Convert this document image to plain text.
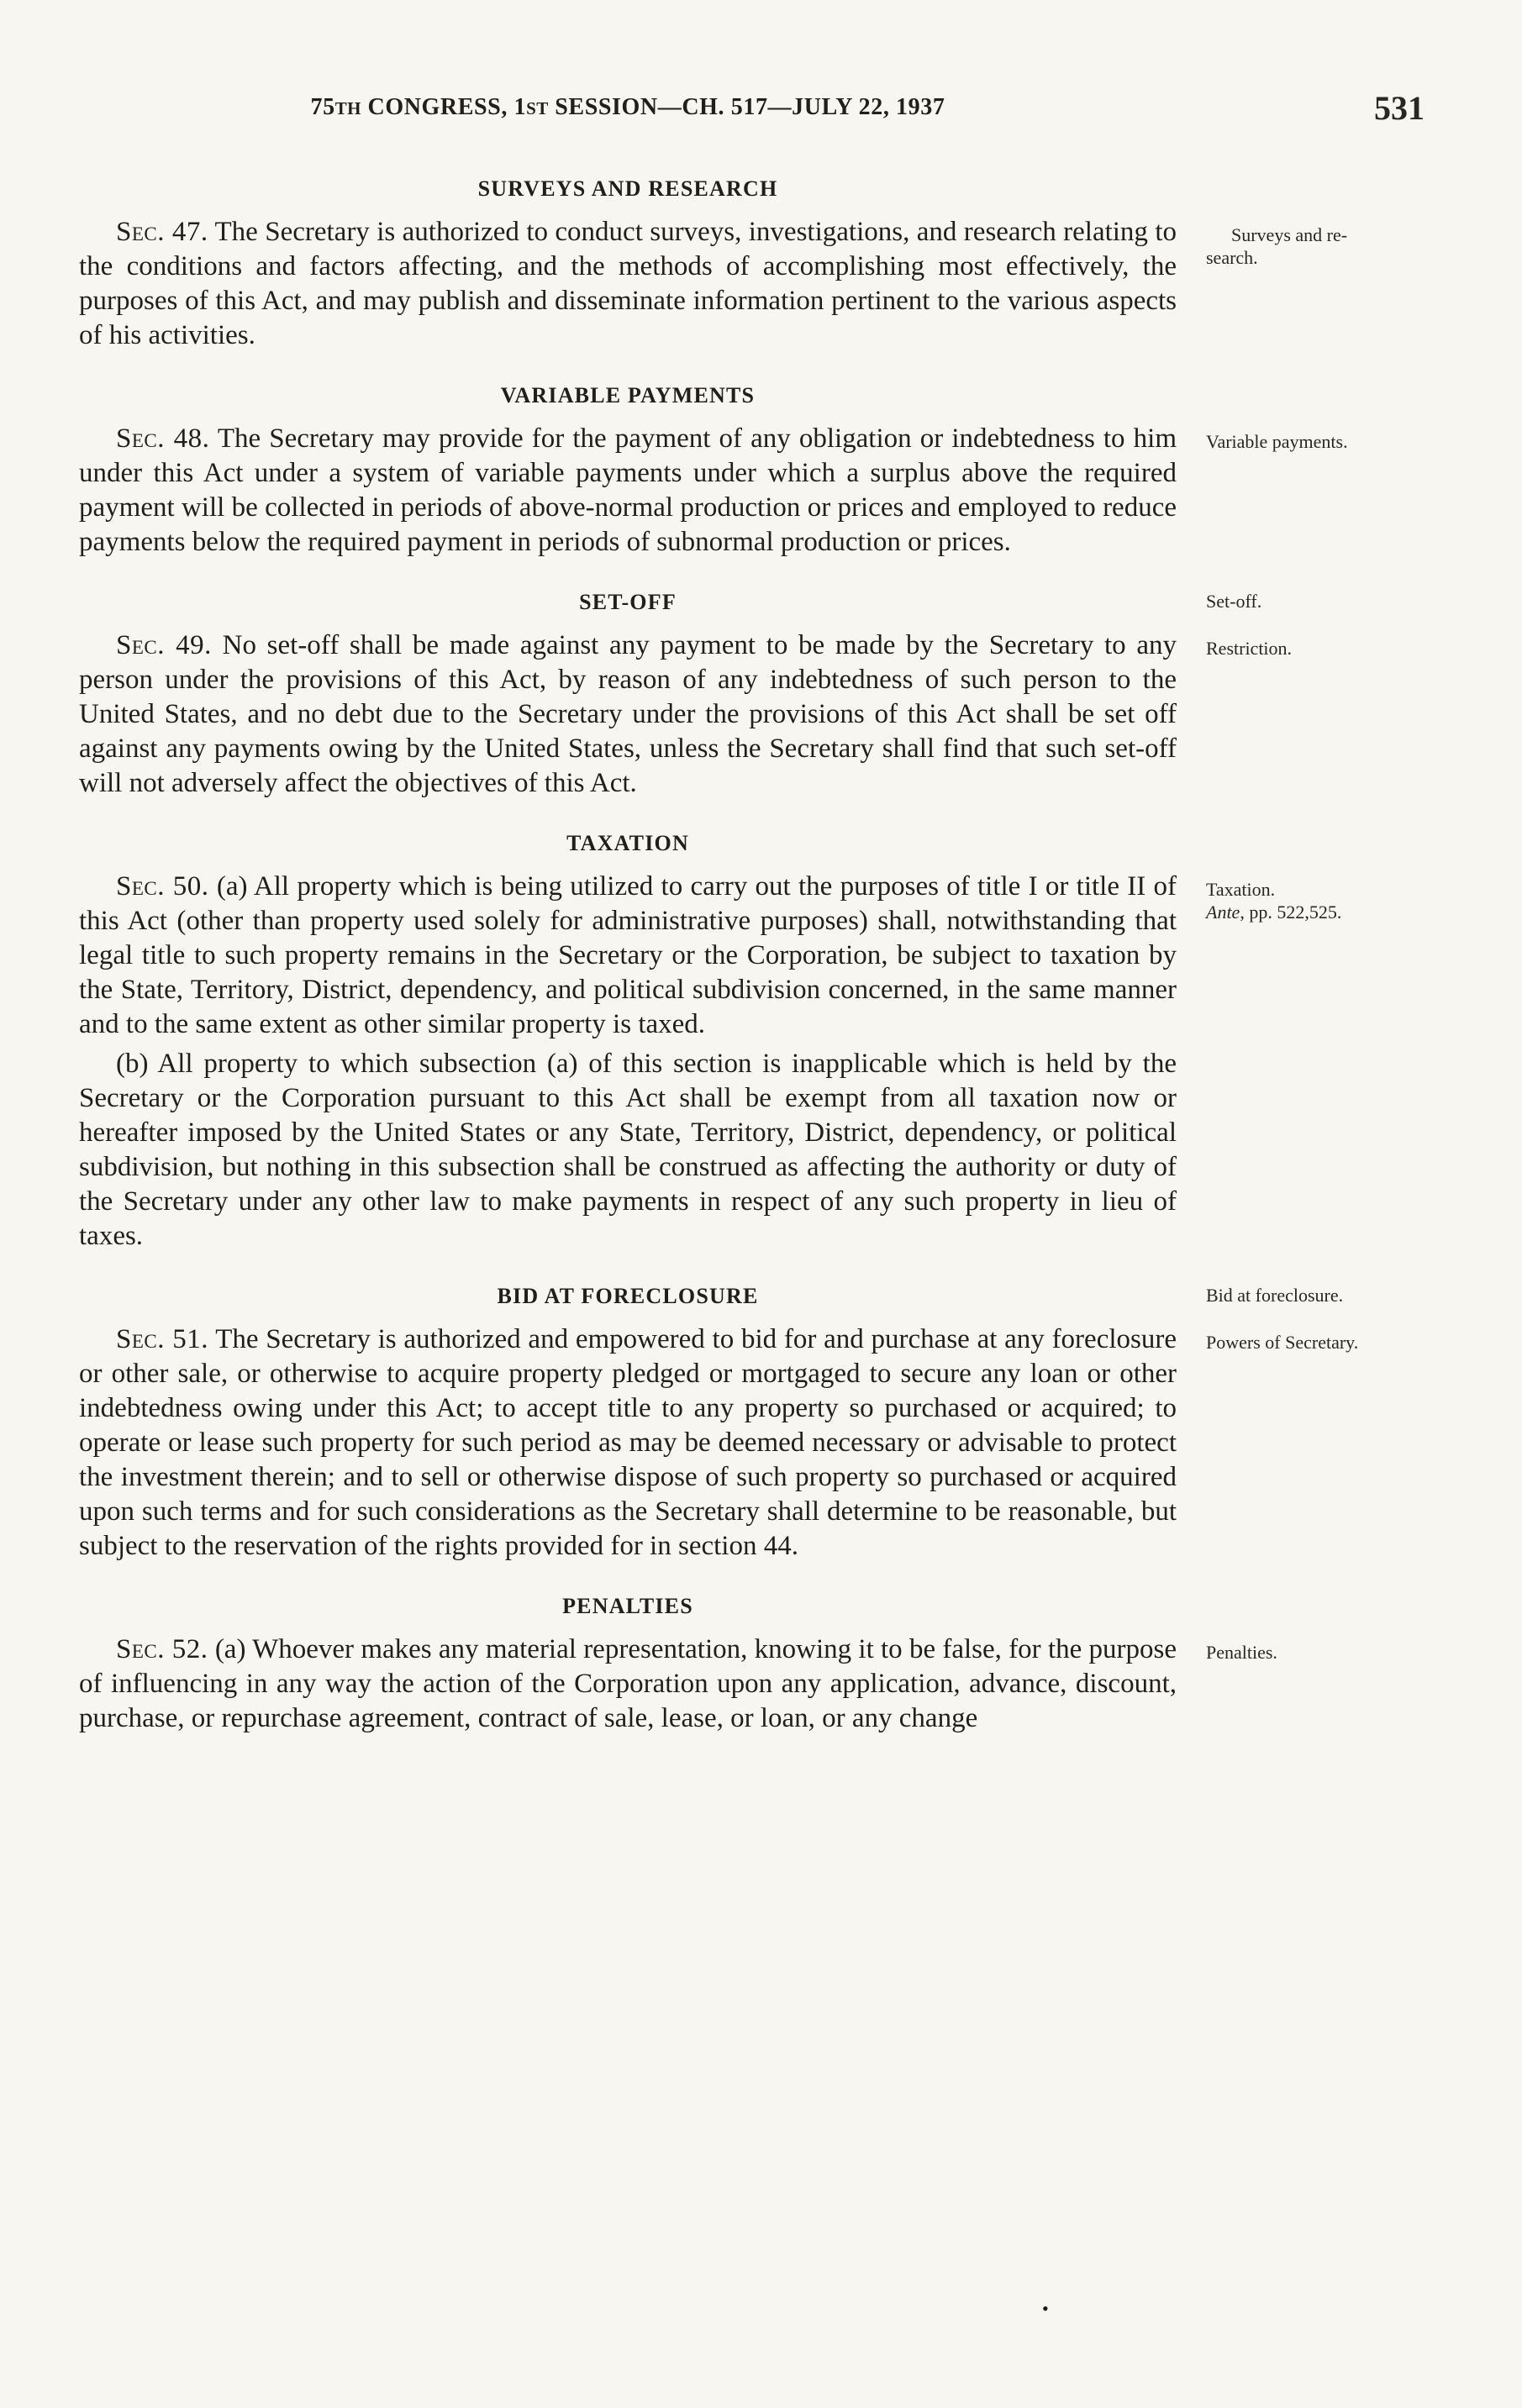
75TH CONGRESS, 1ST SESSION—CH. 517—JULY 22, 1937	531
SURVEYS AND RESEARCH

Sec. 47. The Secretary is authorized to conduct surveys, investigations, and research relating to the conditions and factors affecting, and the methods of accomplishing most effectively, the purposes of this Act, and may publish and disseminate information pertinent to the various aspects of his activities.

Surveys and re-
search.
VARIABLE PAYMENTS

Sec. 48. The Secretary may provide for the payment of any obligation or indebtedness to him under this Act under a system of variable payments under which a surplus above the required payment will be collected in periods of above-normal production or prices and employed to reduce payments below the required payment in periods of subnormal production or prices.

Variable payments.
SET-OFF	Set-off.

Sec. 49. No set-off shall be made against any payment to be made by the Secretary to any person under the provisions of this Act, by reason of any indebtedness of such person to the United States, and no debt due to the Secretary under the provisions of this Act shall be set off against any payments owing by the United States, unless the Secretary shall find that such set-off will not adversely affect the objectives of this Act.

Restriction.
TAXATION

Sec. 50. (a) All property which is being utilized to carry out the purposes of title I or title II of this Act (other than property used solely for administrative purposes) shall, notwithstanding that legal title to such property remains in the Secretary or the Corporation, be subject to taxation by the State, Territory, District, dependency, and political subdivision concerned, in the same manner and to the same extent as other similar property is taxed.

Taxation.
Ante, pp. 522,525.

(b) All property to which subsection (a) of this section is inapplicable which is held by the Secretary or the Corporation pursuant to this Act shall be exempt from all taxation now or hereafter imposed by the United States or any State, Territory, District, dependency, or political subdivision, but nothing in this subsection shall be construed as affecting the authority or duty of the Secretary under any other law to make payments in respect of any such property in lieu of taxes.

BID AT FORECLOSURE	Bid at foreclosure.

Sec. 51. The Secretary is authorized and empowered to bid for and purchase at any foreclosure or other sale, or otherwise to acquire property pledged or mortgaged to secure any loan or other indebtedness owing under this Act; to accept title to any property so purchased or acquired; to operate or lease such property for such period as may be deemed necessary or advisable to protect the investment therein; and to sell or otherwise dispose of such property so purchased or acquired upon such terms and for such considerations as the Secretary shall determine to be reasonable, but subject to the reservation of the rights provided for in section 44.

Powers of Secretary.
PENALTIES

Sec. 52. (a) Whoever makes any material representation, knowing it to be false, for the purpose of influencing in any way the action of the Corporation upon any application, advance, discount, purchase, or repurchase agreement, contract of sale, lease, or loan, or any change

Penalties.
•
